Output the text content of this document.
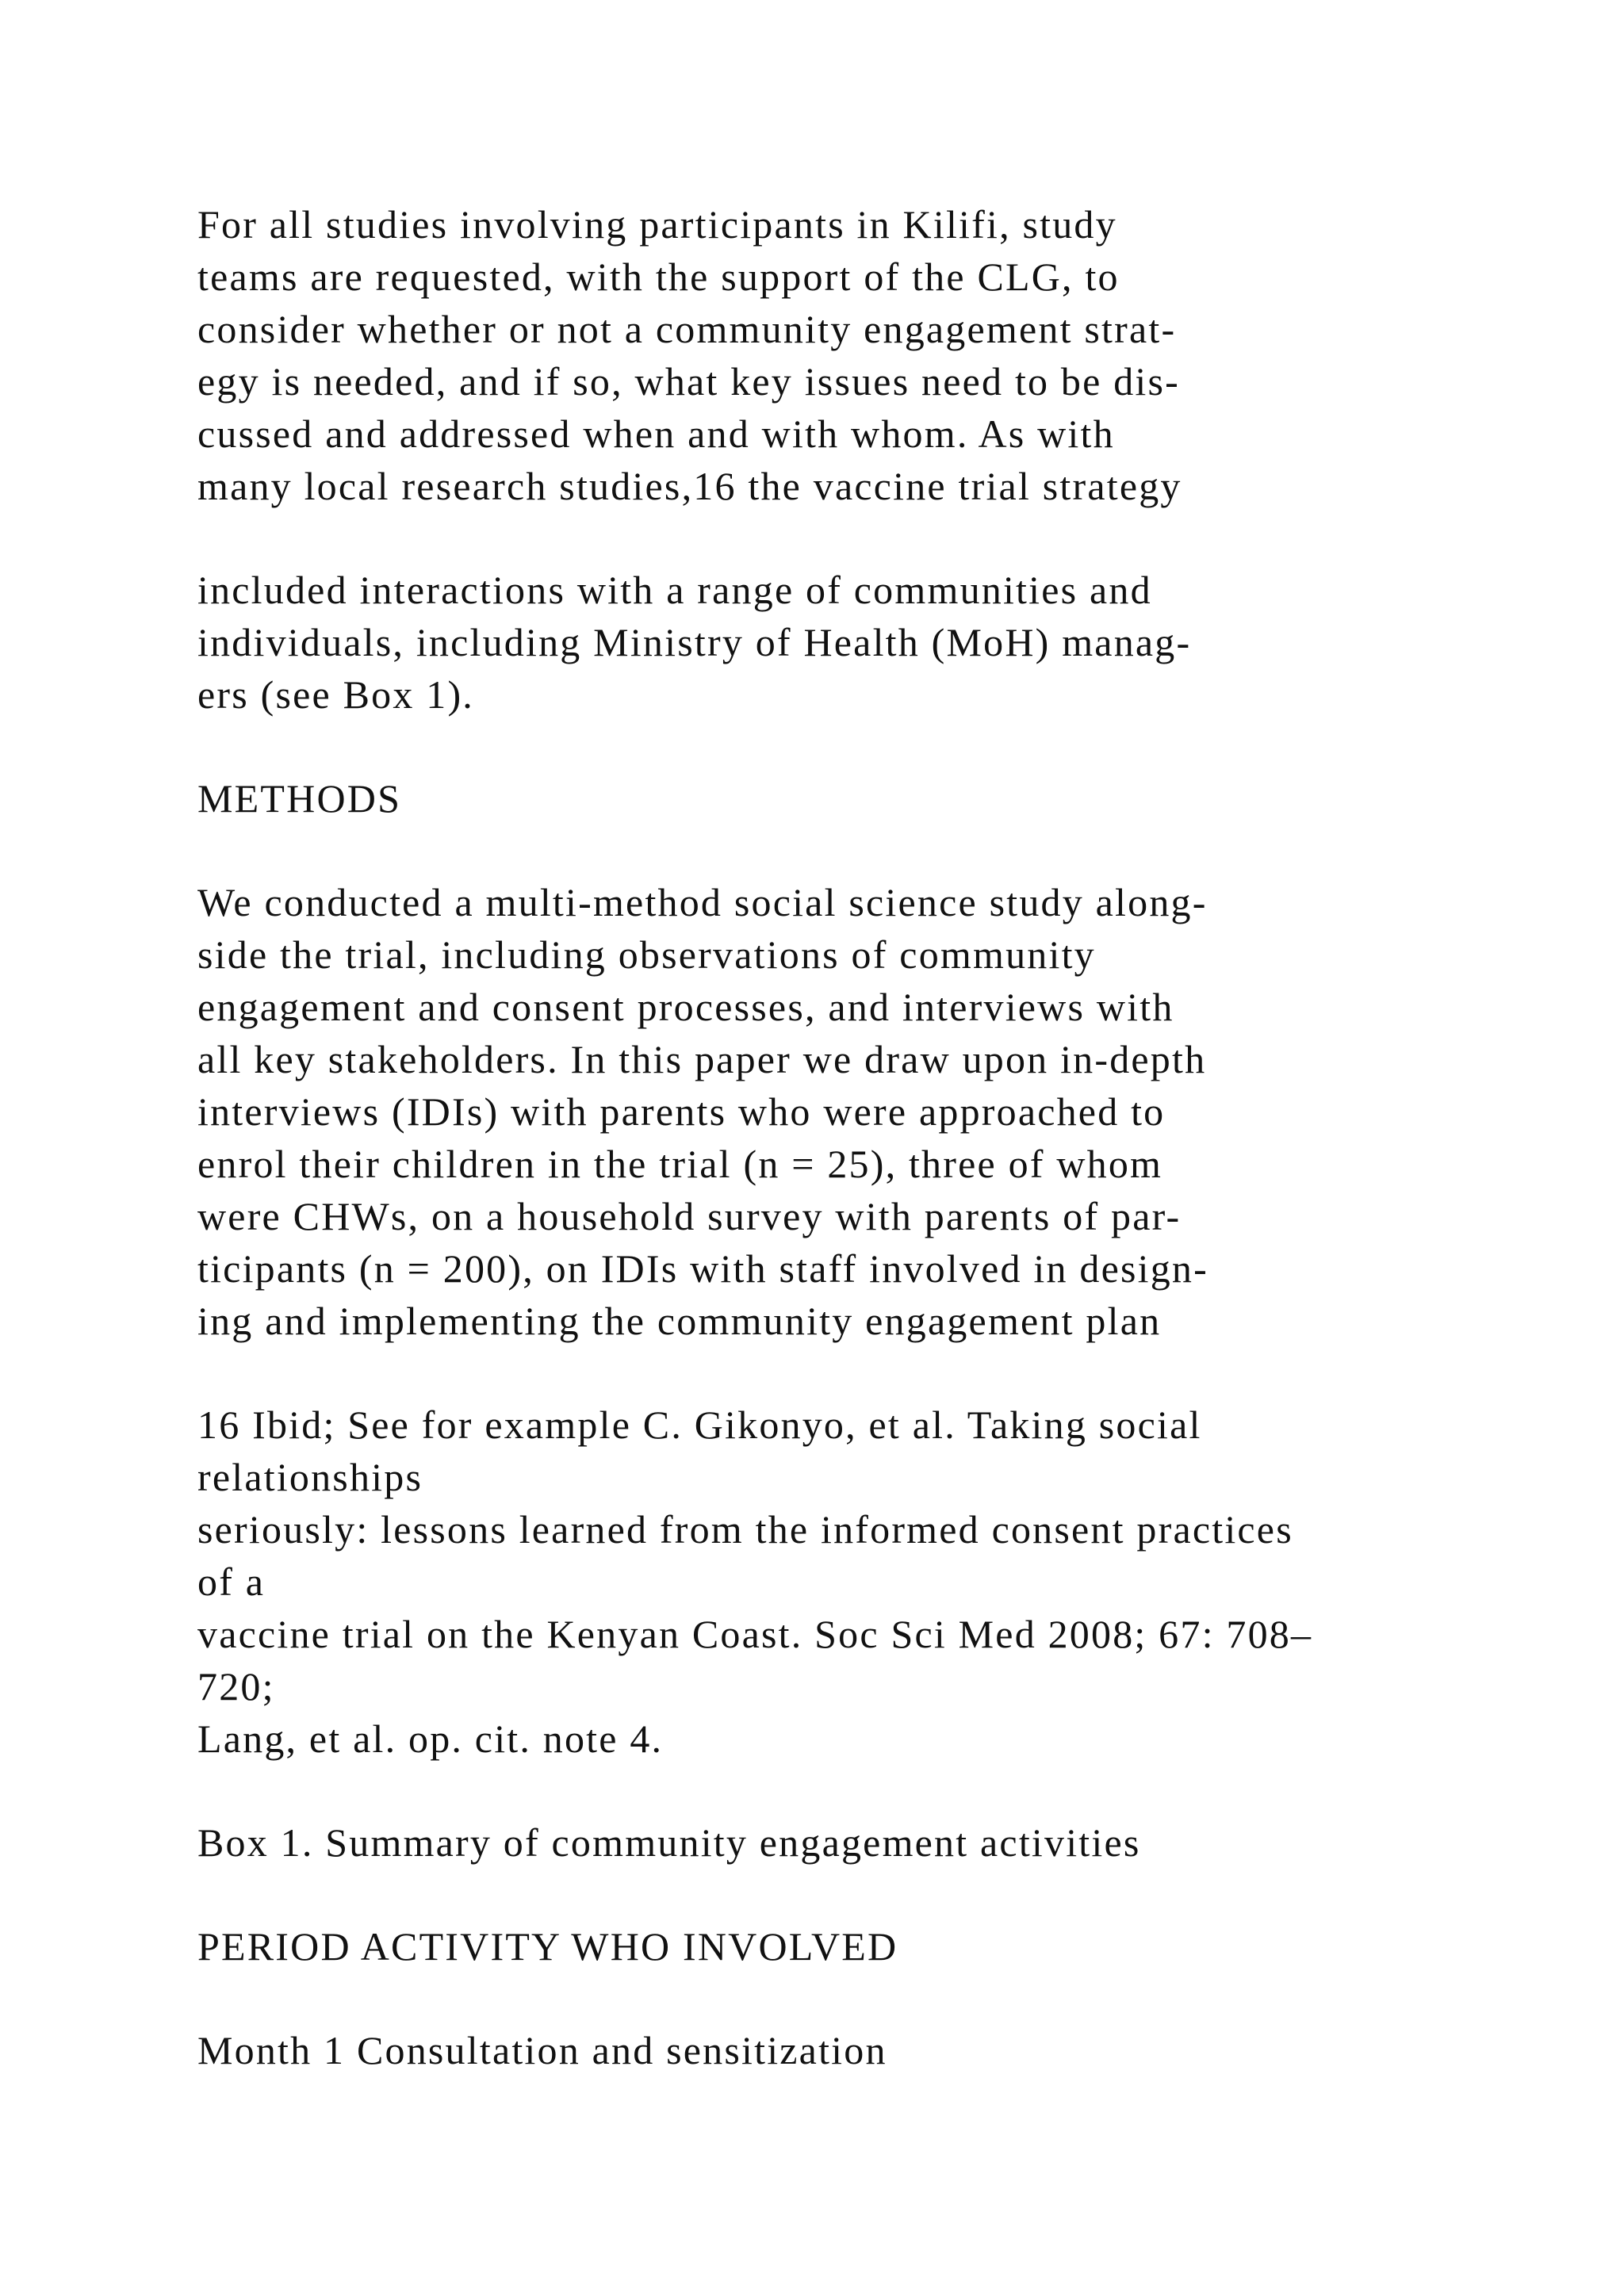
For all studies involving participants in Kilifi, study

teams are requested, with the support of the CLG, to

consider whether or not a community engagement strat-

egy is needed, and if so, what key issues need to be dis-

cussed and addressed when and with whom. As with

many local research studies,16 the vaccine trial strategy

included interactions with a range of communities and

individuals, including Ministry of Health (MoH) manag-

ers (see Box 1).

METHODS

We conducted a multi-method social science study along-

side the trial, including observations of community

engagement and consent processes, and interviews with

all key stakeholders. In this paper we draw upon in-depth

interviews (IDIs) with parents who were approached to

enrol their children in the trial (n = 25), three of whom

were CHWs, on a household survey with parents of par-

ticipants (n = 200), on IDIs with staff involved in design-

ing and implementing the community engagement plan

16 Ibid; See for example C. Gikonyo, et al. Taking social

relationships

seriously: lessons learned from the informed consent practices

of a

vaccine trial on the Kenyan Coast. Soc Sci Med 2008; 67: 708–

720;

Lang, et al. op. cit. note 4.

Box 1. Summary of community engagement activities

PERIOD ACTIVITY WHO INVOLVED

Month 1 Consultation and sensitization
